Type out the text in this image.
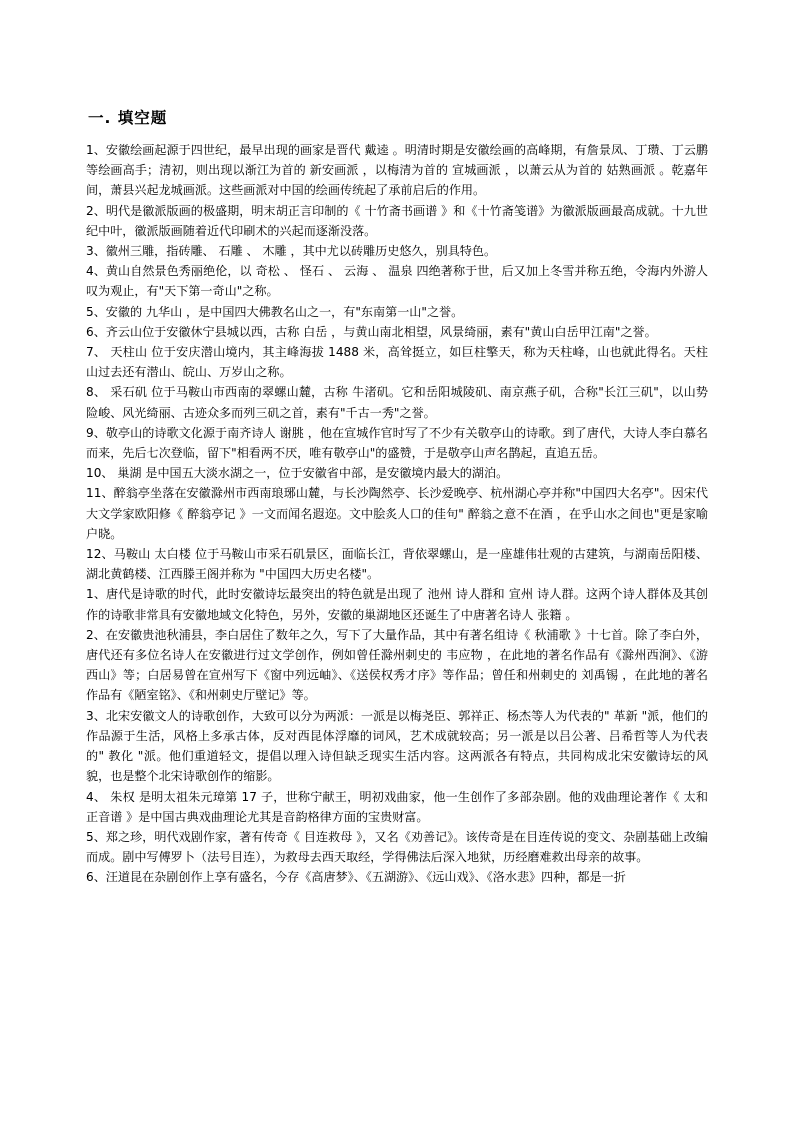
一. 填空题

1、安徽绘画起源于四世纪，最早出现的画家是晋代 戴逵 。明清时期是安徽绘画的高峰期，有詹景凤、丁瓒、丁云鹏等绘画高手；清初，则出现以渐江为首的 新安画派 ，以梅清为首的 宣城画派 ，以萧云从为首的 姑熟画派 。乾嘉年间，萧县兴起龙城画派。这些画派对中国的绘画传统起了承前启后的作用。

2、明代是徽派版画的极盛期，明末胡正言印制的《 十竹斋书画谱 》和《十竹斋笺谱》为徽派版画最高成就。十九世纪中叶，徽派版画随着近代印刷术的兴起而逐渐没落。

3、徽州三雕，指砖雕、 石雕 、 木雕 ，其中尤以砖雕历史悠久，别具特色。

4、黄山自然景色秀丽绝伦，以 奇松 、 怪石 、 云海 、 温泉 四绝著称于世，后又加上冬雪并称五绝，令海内外游人叹为观止，有"天下第一奇山"之称。

5、安徽的 九华山 ，是中国四大佛教名山之一，有"东南第一山"之誉。

6、齐云山位于安徽休宁县城以西，古称 白岳 ，与黄山南北相望，风景绮丽，素有"黄山白岳甲江南"之誉。

7、 天柱山 位于安庆潜山境内，其主峰海拔 1488 米，高耸挺立，如巨柱擎天，称为天柱峰，山也就此得名。天柱山过去还有潜山、皖山、万岁山之称。

8、 采石矶 位于马鞍山市西南的翠螺山麓，古称 牛渚矶。它和岳阳城陵矶、南京燕子矶，合称"长江三矶"，以山势险峻、风光绮丽、古迹众多而列三矶之首，素有"千古一秀"之誉。

9、敬亭山的诗歌文化源于南齐诗人 谢朓 ，他在宣城作官时写了不少有关敬亭山的诗歌。到了唐代，大诗人李白慕名而来，先后七次登临，留下"相看两不厌，唯有敬亭山"的盛赞，于是敬亭山声名鹊起，直追五岳。

10、 巢湖 是中国五大淡水湖之一，位于安徽省中部，是安徽境内最大的湖泊。

11、醉翁亭坐落在安徽滁州市西南琅琊山麓，与长沙陶然亭、长沙爱晚亭、杭州湖心亭并称"中国四大名亭"。因宋代大文学家欧阳修《 醉翁亭记 》一文而闻名遐迩。文中脍炙人口的佳句" 醉翁之意不在酒 ，在乎山水之间也"更是家喻户晓。

12、马鞍山 太白楼 位于马鞍山市采石矶景区，面临长江，背依翠螺山，是一座雄伟壮观的古建筑，与湖南岳阳楼、湖北黄鹤楼、江西滕王阁并称为 "中国四大历史名楼"。

1、唐代是诗歌的时代，此时安徽诗坛最突出的特色就是出现了 池州 诗人群和 宣州 诗人群。这两个诗人群体及其创作的诗歌非常具有安徽地域文化特色，另外，安徽的巢湖地区还诞生了中唐著名诗人 张籍 。

2、在安徽贵池秋浦县，李白居住了数年之久，写下了大量作品，其中有著名组诗《 秋浦歌 》十七首。除了李白外，唐代还有多位名诗人在安徽进行过文学创作，例如曾任滁州刺史的 韦应物 ，在此地的著名作品有《滁州西涧》、《游西山》等；白居易曾在宣州写下《窗中列远岫》、《送侯权秀才序》等作品；曾任和州刺史的 刘禹锡 ，在此地的著名作品有《陋室铭》、《和州刺史厅壁记》等。

3、北宋安徽文人的诗歌创作，大致可以分为两派：一派是以梅尧臣、郭祥正、杨杰等人为代表的" 革新 "派，他们的作品源于生活，风格上多承古体，反对西昆体浮靡的词风，艺术成就较高；另一派是以吕公著、吕希哲等人为代表的" 教化 "派。他们重道轻文，提倡以理入诗但缺乏现实生活内容。这两派各有特点，共同构成北宋安徽诗坛的风貌，也是整个北宋诗歌创作的缩影。

4、 朱权 是明太祖朱元璋第 17 子，世称宁献王，明初戏曲家，他一生创作了多部杂剧。他的戏曲理论著作《 太和正音谱 》是中国古典戏曲理论尤其是音韵格律方面的宝贵财富。

5、郑之珍，明代戏剧作家，著有传奇《 目连救母 》，又名《劝善记》。该传奇是在目连传说的变文、杂剧基础上改编而成。剧中写傅罗卜（法号目连），为救母去西天取经，学得佛法后深入地狱，历经磨难救出母亲的故事。

6、汪道昆在杂剧创作上享有盛名，今存《高唐梦》、《五湖游》、《远山戏》、《洛水悲》四种，都是一折
